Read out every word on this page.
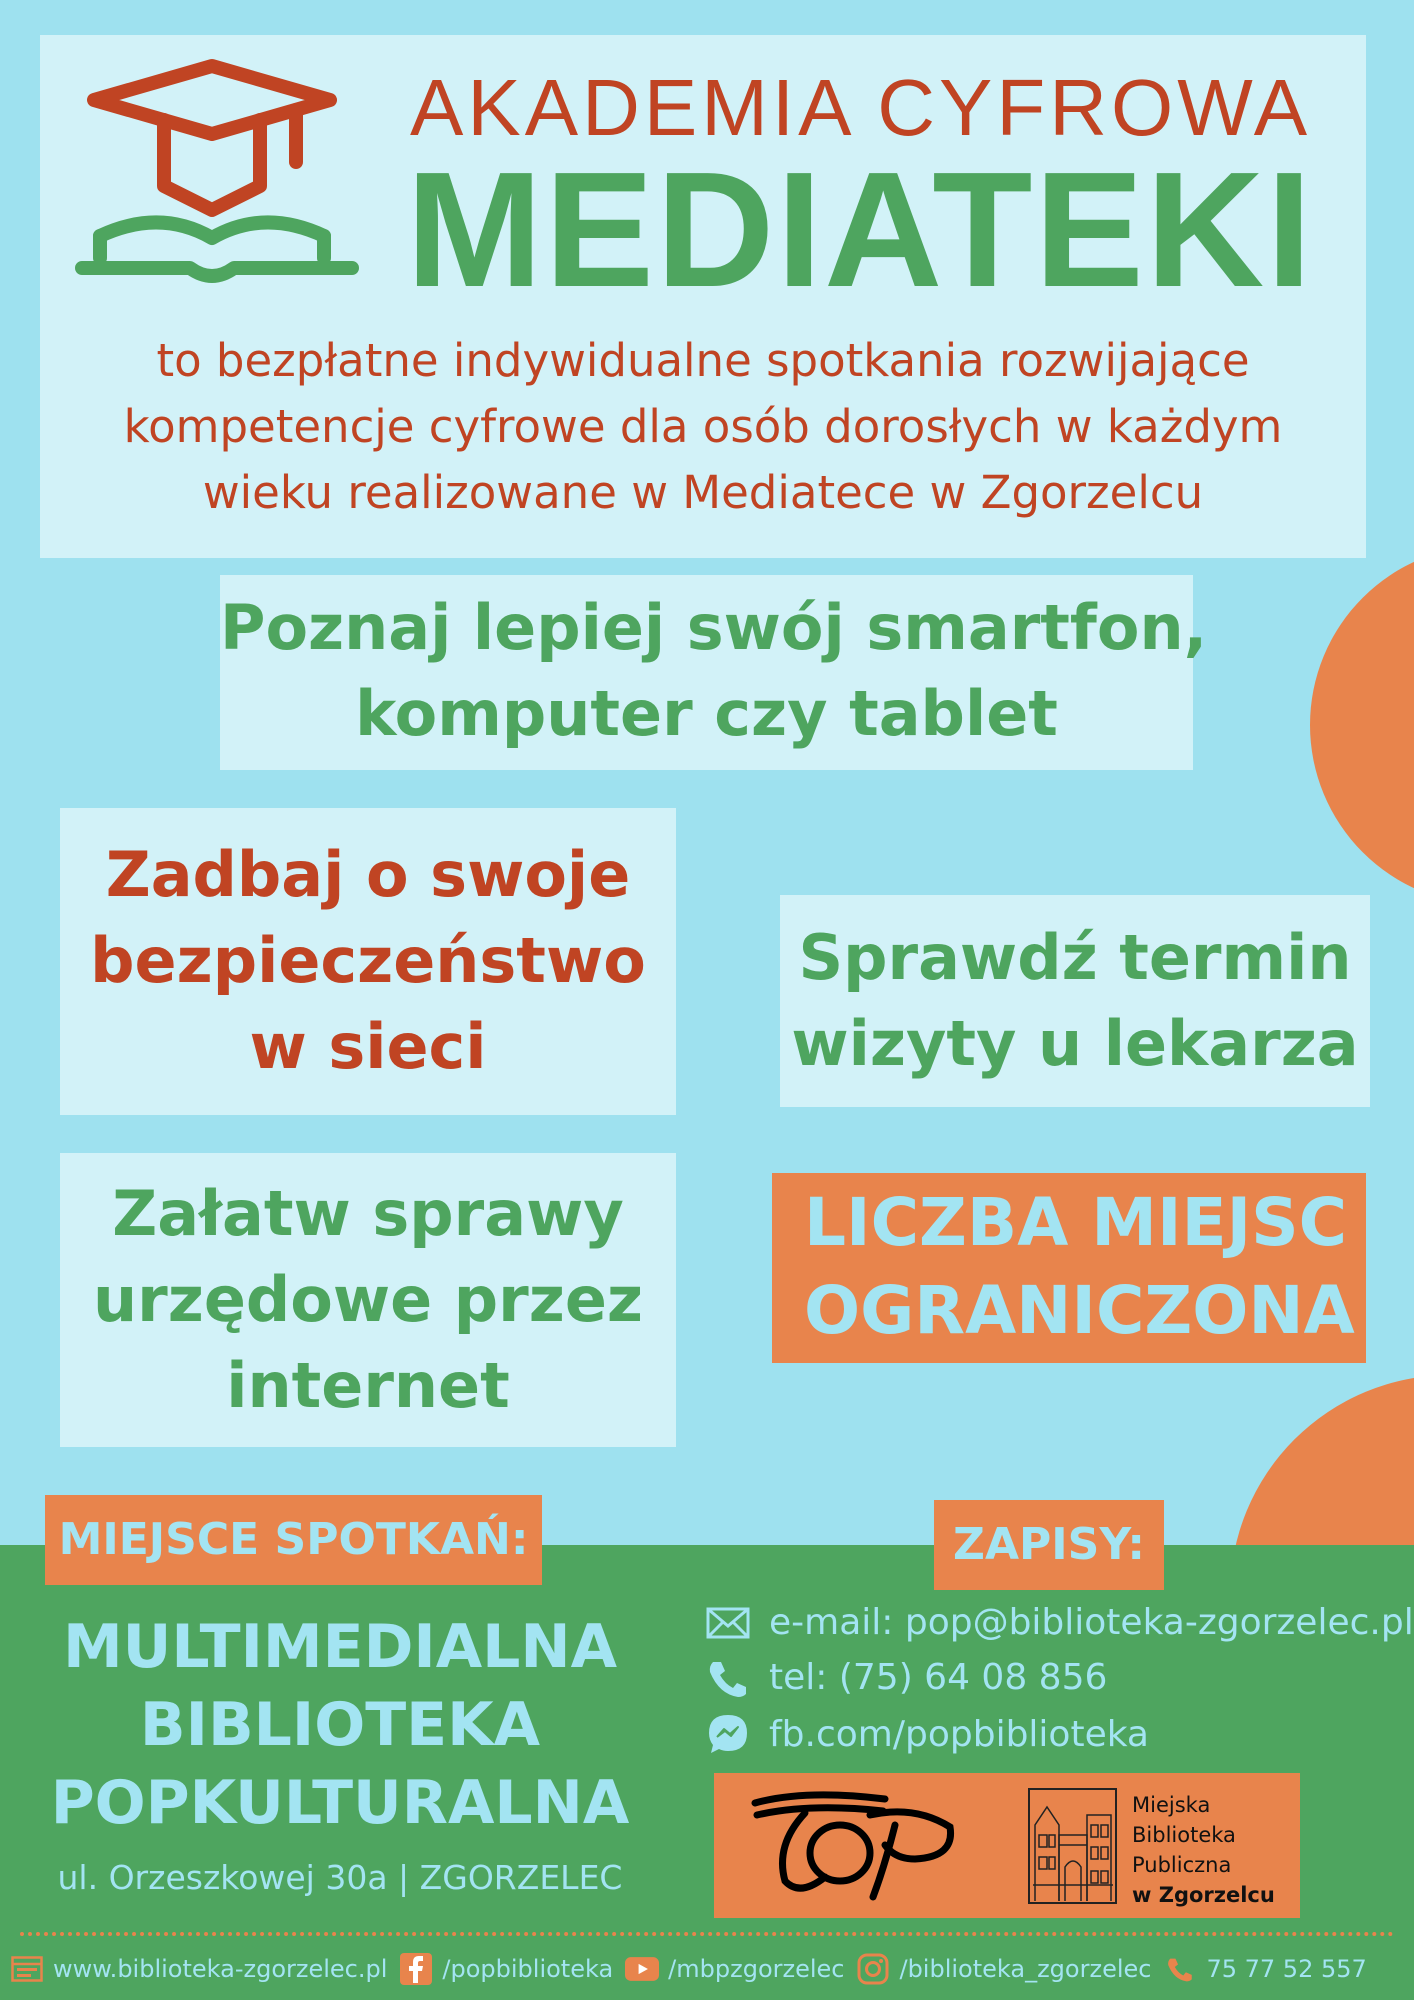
AKADEMIA CYFROWA
MEDIATEKI
to bezpłatne indywidualne spotkania rozwijające
kompetencje cyfrowe dla osób dorosłych w każdym
wieku realizowane w Mediatece w Zgorzelcu
Poznaj lepiej swój smartfon,
komputer czy tablet
Zadbaj o swoje
bezpieczeństwo
w sieci
Sprawdź termin
wizyty u lekarza
Załatw sprawy
urzędowe przez
internet
LICZBA MIEJSC
OGRANICZONA
MIEJSCE SPOTKAŃ:	ZAPISY:
MULTIMEDIALNA
BIBLIOTEKA
POPKULTURALNA
ul. Orzeszkowej 30a | ZGORZELEC
e-mail: pop@biblioteka-zgorzelec.pl
tel: (75) 64 08 856
fb.com/popbiblioteka
Miejska
Biblioteka
Publiczna
w Zgorzelcu
www.biblioteka-zgorzelec.pl /popbiblioteka /mbpzgorzelec /biblioteka_zgorzelec 75 77 52 557
